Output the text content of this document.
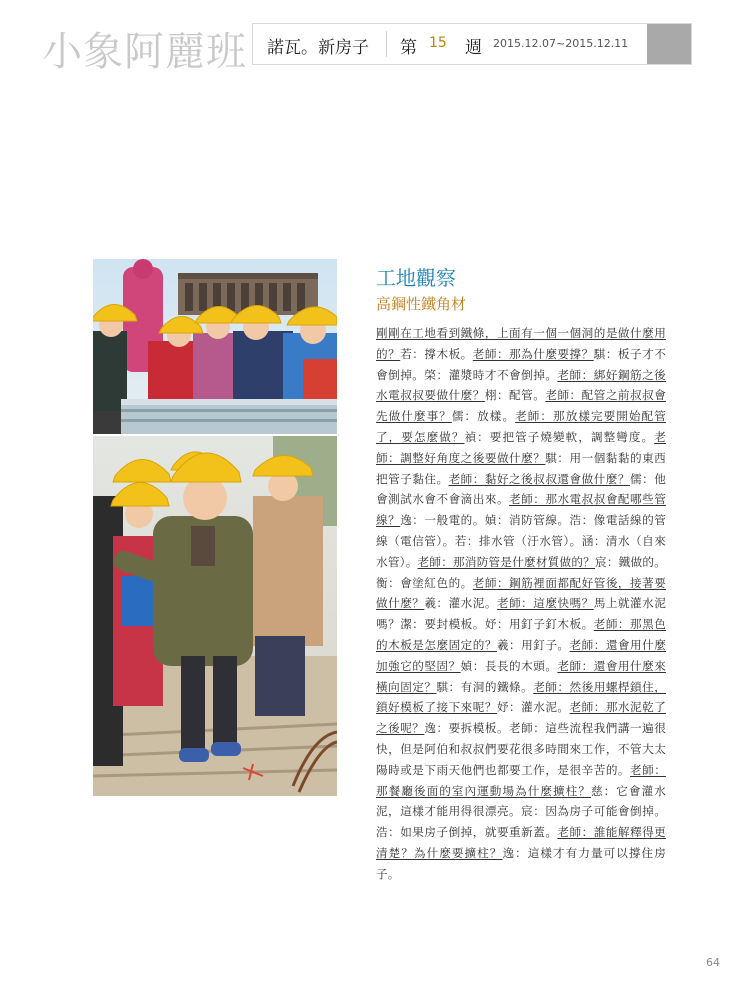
小象阿麗班 諾瓦。新房子 第 15 週 2015.12.07~2015.12.11
工地觀察
高鋼性鐵角材
剛剛在工地看到鐵條，上面有一個一個洞的是做什麼用的？若：撐木板。老師：那為什麼要撐？騏：板子才不會倒掉。棨：灌漿時才不會倒掉。老師：綁好鋼筋之後水電叔叔要做什麼？栩：配管。老師：配管之前叔叔會先做什麼事？儒：放樣。老師：那放樣完要開始配管了，要怎麼做？禎：要把管子燒變軟，調整彎度。老師：調整好角度之後要做什麼？騏：用一個黏黏的東西把管子黏住。老師：黏好之後叔叔還會做什麼？儒：他會測試水會不會滴出來。老師：那水電叔叔會配哪些管線？逸：一般電的。媜：消防管線。浩：像電話線的管線（電信管）。若：排水管（汙水管）。涵：清水（自來水管）。老師：那消防管是什麼材質做的？宸：鐵做的。衡：會塗紅色的。老師：鋼筋裡面都配好管後，接著要做什麼？羲：灌水泥。老師：這麼快嗎？馬上就灌水泥嗎？潔：要封模板。妤：用釘子釘木板。老師：那黑色的木板是怎麼固定的？羲：用釘子。老師：還會用什麼加強它的堅固？媜：長長的木頭。老師：還會用什麼來橫向固定？騏：有洞的鐵條。老師：然後用螺桿鎖住，鎖好模板了接下來呢？妤：灌水泥。老師：那水泥乾了之後呢？逸：要拆模板。老師：這些流程我們講一遍很快，但是阿伯和叔叔們要花很多時間來工作，不管大太陽時或是下雨天他們也都要工作，是很辛苦的。老師：那餐廳後面的室內運動場為什麼擴柱？慈：它會灌水泥，這樣才能用得很漂亮。宸：因為房子可能會倒掉。浩：如果房子倒掉，就要重新蓋。老師：誰能解釋得更清楚？為什麼要擴柱？逸：這樣才有力量可以撐住房子。
64
